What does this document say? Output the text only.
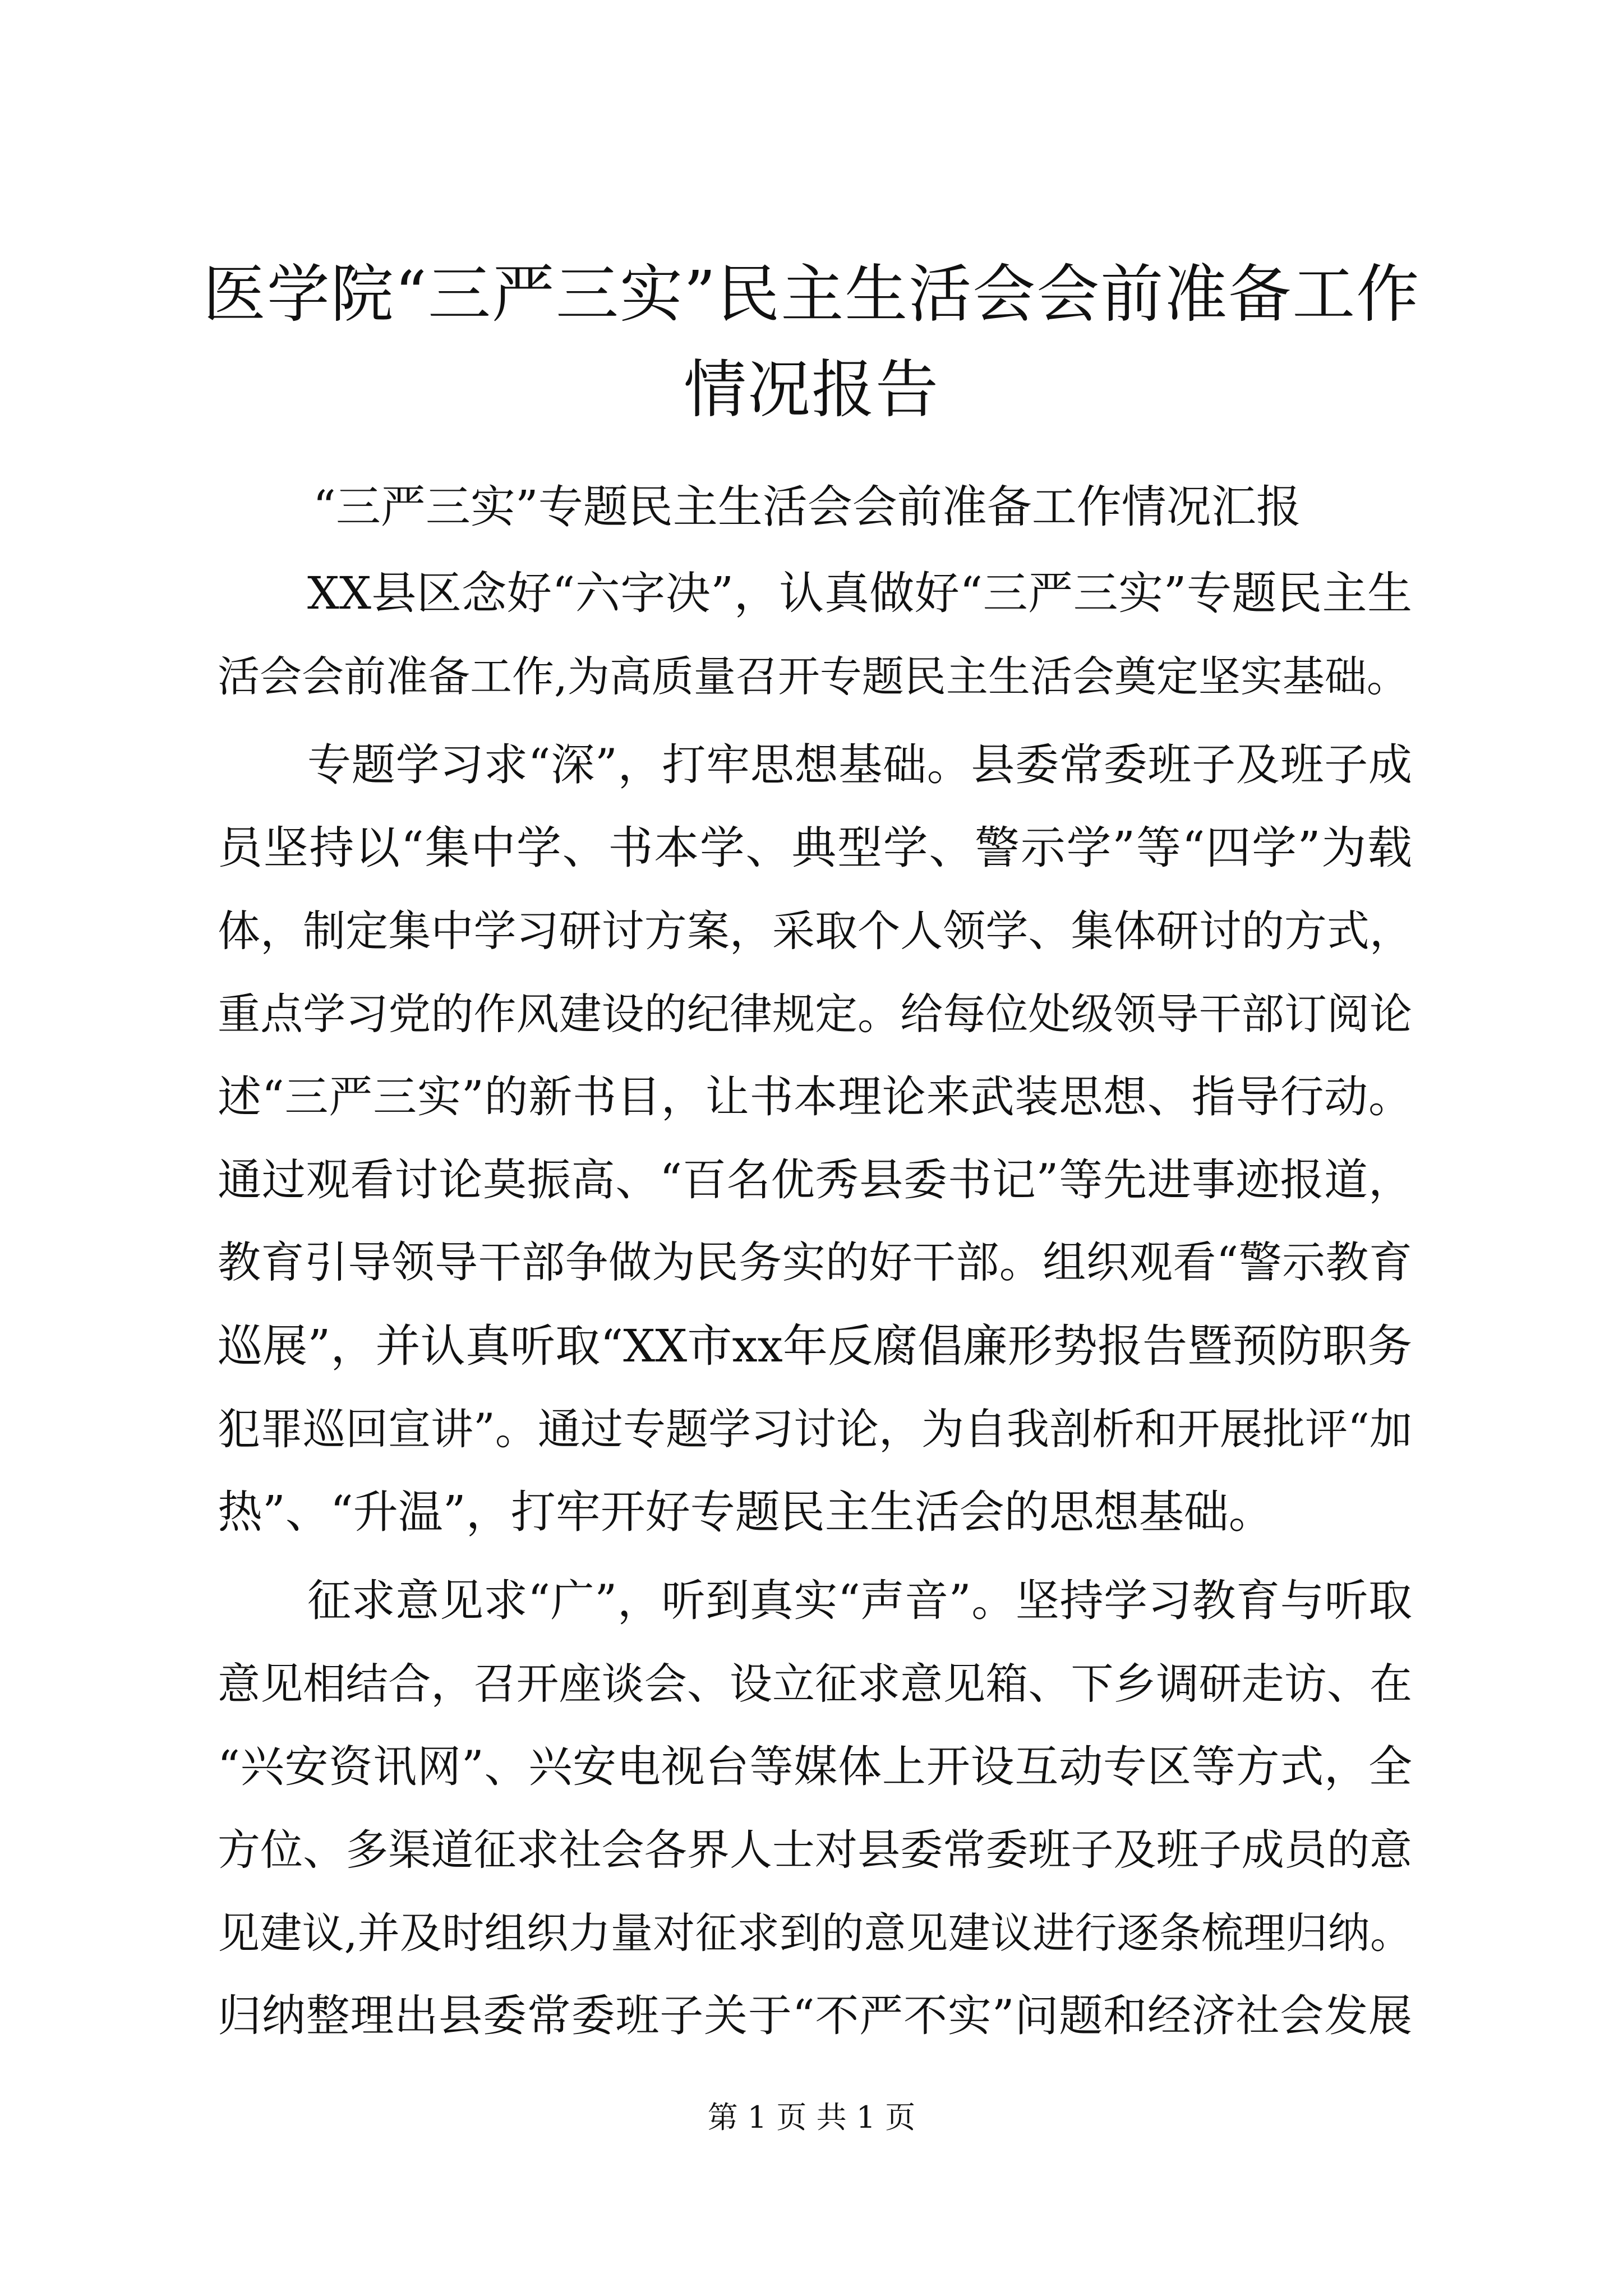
医学院“三严三实”民主生活会会前准备工作
情况报告
“三严三实”专题民主生活会会前准备工作情况汇报
XX县区念好“六字决”，认真做好“三严三实”专题民主生
活会会前准备工作,为高质量召开专题民主生活会奠定坚实基础。
专题学习求“深”，打牢思想基础。县委常委班子及班子成
员坚持以“集中学、书本学、典型学、警示学”等“四学”为载
体，制定集中学习研讨方案，采取个人领学、集体研讨的方式，
重点学习党的作风建设的纪律规定。给每位处级领导干部订阅论
述“三严三实”的新书目，让书本理论来武装思想、指导行动。
通过观看讨论莫振高、“百名优秀县委书记”等先进事迹报道，
教育引导领导干部争做为民务实的好干部。组织观看“警示教育
巡展”，并认真听取“XX市xx年反腐倡廉形势报告暨预防职务
犯罪巡回宣讲”。通过专题学习讨论，为自我剖析和开展批评“加
热”、“升温”，打牢开好专题民主生活会的思想基础。
征求意见求“广”，听到真实“声音”。坚持学习教育与听取
意见相结合，召开座谈会、设立征求意见箱、下乡调研走访、在
“兴安资讯网”、兴安电视台等媒体上开设互动专区等方式，全
方位、多渠道征求社会各界人士对县委常委班子及班子成员的意
见建议,并及时组织力量对征求到的意见建议进行逐条梳理归纳。
归纳整理出县委常委班子关于“不严不实”问题和经济社会发展
第 1 页 共 1 页
